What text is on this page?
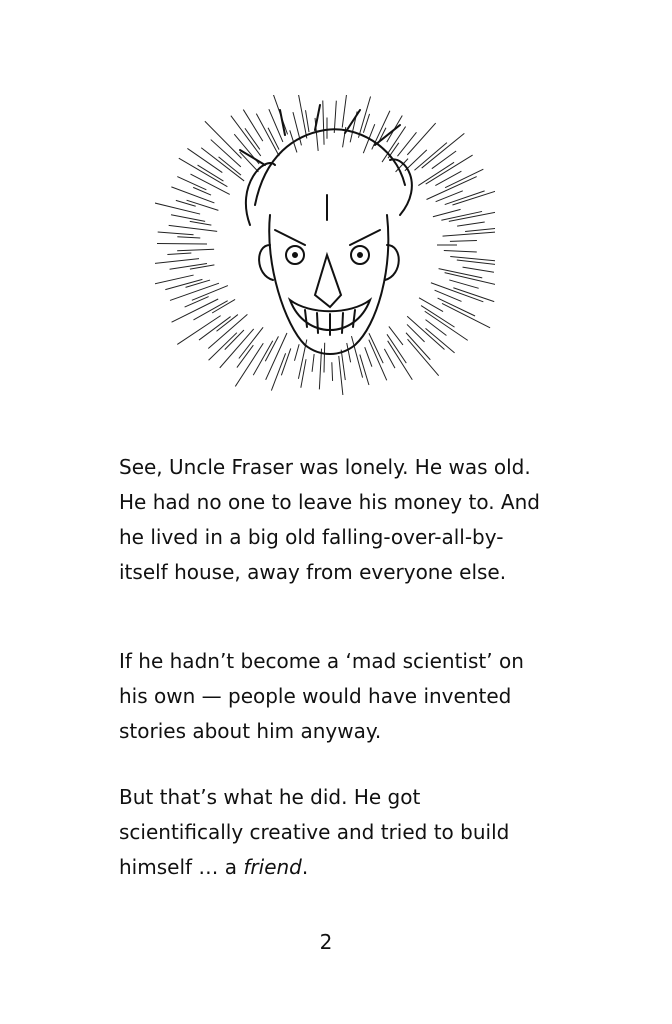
See, Uncle Fraser was lonely. He was old. He had no one to leave his money to. And he lived in a big old falling-over-all-by-itself house, away from everyone else.

If he hadn’t become a ‘mad scientist’ on his own — people would have invented stories about him anyway.

But that’s what he did. He got scientifically creative and tried to build himself … a friend.

2
